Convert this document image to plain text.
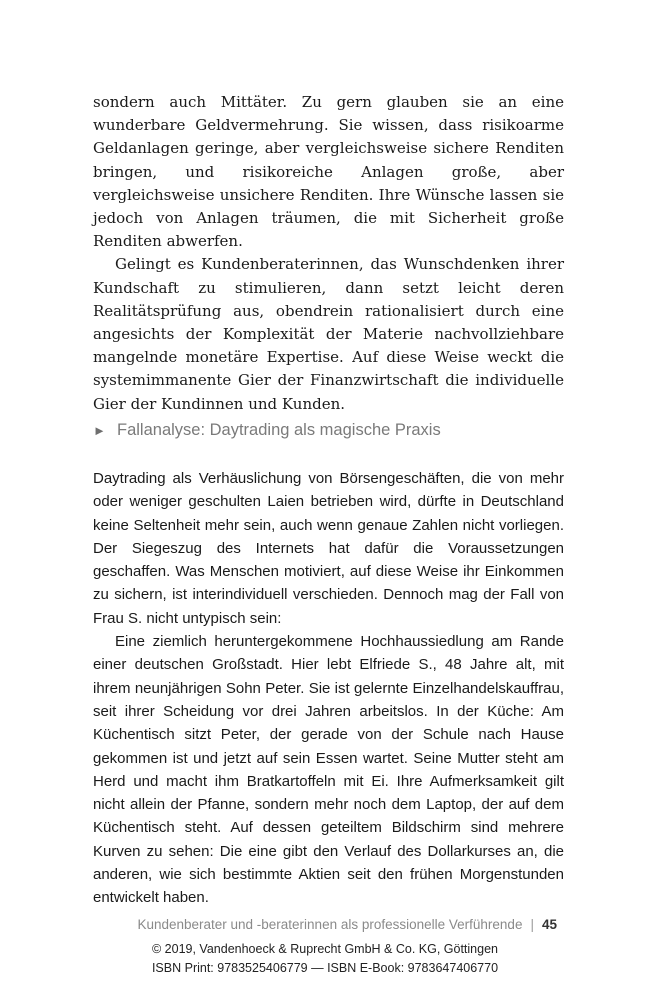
sondern auch Mittäter. Zu gern glauben sie an eine wunderbare Geldvermehrung. Sie wissen, dass risikoarme Geldanlagen geringe, aber vergleichsweise sichere Renditen bringen, und risikoreiche Anlagen große, aber vergleichsweise unsichere Renditen. Ihre Wünsche lassen sie jedoch von Anlagen träumen, die mit Sicherheit große Renditen abwerfen.

Gelingt es Kundenberaterinnen, das Wunschdenken ihrer Kundschaft zu stimulieren, dann setzt leicht deren Realitätsprüfung aus, obendrein rationalisiert durch eine angesichts der Komplexität der Materie nachvollziehbare mangelnde monetäre Expertise. Auf diese Weise weckt die systemimmanente Gier der Finanzwirtschaft die individuelle Gier der Kundinnen und Kunden.

► Fallanalyse: Daytrading als magische Praxis

Daytrading als Verhäuslichung von Börsengeschäften, die von mehr oder weniger geschulten Laien betrieben wird, dürfte in Deutschland keine Seltenheit mehr sein, auch wenn genaue Zahlen nicht vorliegen. Der Siegeszug des Internets hat dafür die Voraussetzungen geschaffen. Was Menschen motiviert, auf diese Weise ihr Einkommen zu sichern, ist interindividuell verschieden. Dennoch mag der Fall von Frau S. nicht untypisch sein:

Eine ziemlich heruntergekommene Hochhaussiedlung am Rande einer deutschen Großstadt. Hier lebt Elfriede S., 48 Jahre alt, mit ihrem neunjährigen Sohn Peter. Sie ist gelernte Einzelhandelskauffrau, seit ihrer Scheidung vor drei Jahren arbeitslos. In der Küche: Am Küchentisch sitzt Peter, der gerade von der Schule nach Hause gekommen ist und jetzt auf sein Essen wartet. Seine Mutter steht am Herd und macht ihm Bratkartoffeln mit Ei. Ihre Aufmerksamkeit gilt nicht allein der Pfanne, sondern mehr noch dem Laptop, der auf dem Küchentisch steht. Auf dessen geteiltem Bildschirm sind mehrere Kurven zu sehen: Die eine gibt den Verlauf des Dollarkurses an, die anderen, wie sich bestimmte Aktien seit den frühen Morgenstunden entwickelt haben.

Kundenberater und -beraterinnen als professionelle Verführende | 45
© 2019, Vandenhoeck & Ruprecht GmbH & Co. KG, Göttingen
ISBN Print: 9783525406779 — ISBN E-Book: 9783647406770
